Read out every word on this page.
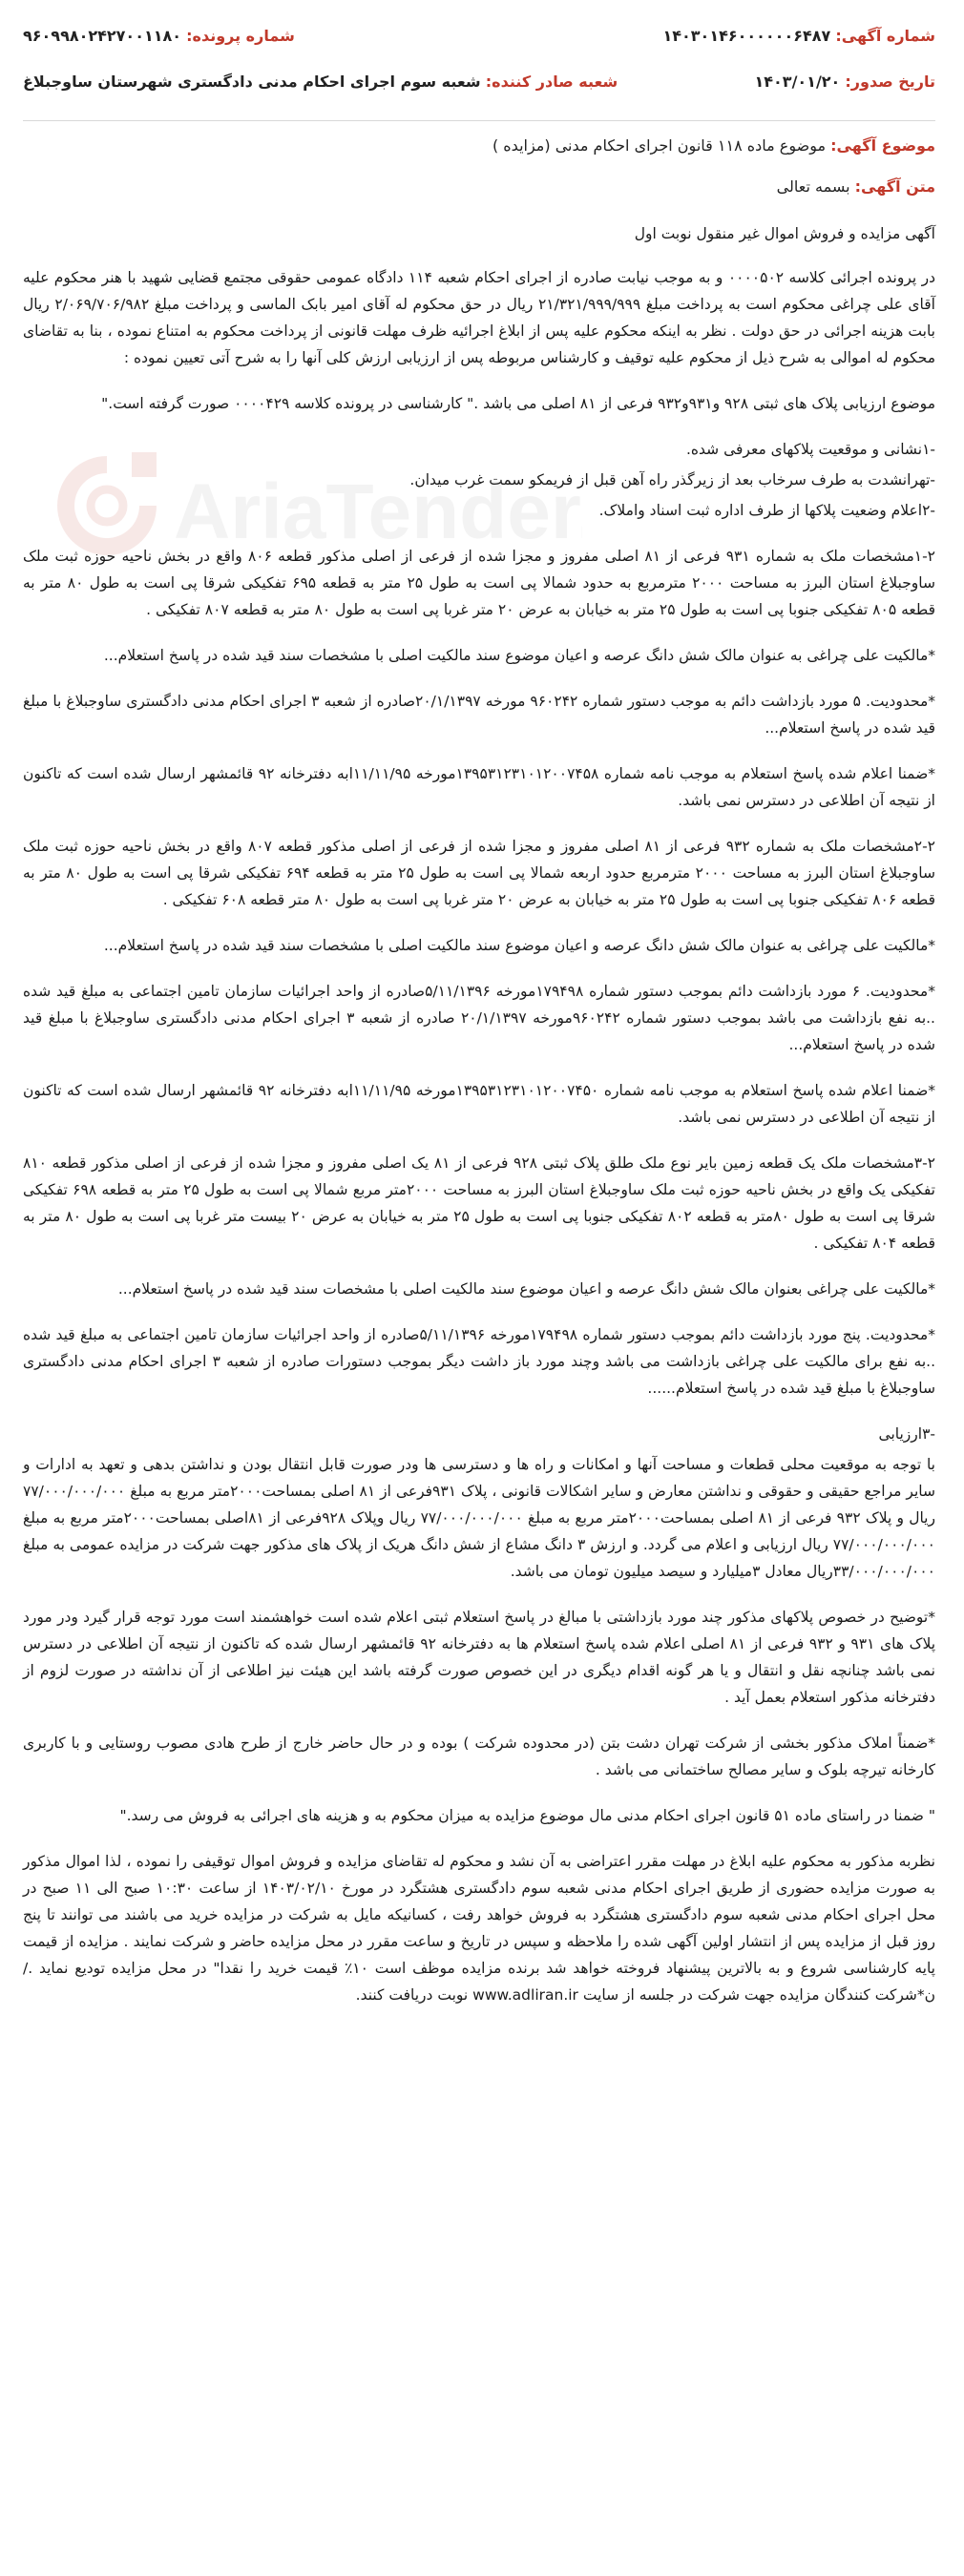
AriaTender
شماره آگهی: ۱۴۰۳۰۱۴۶۰۰۰۰۰۰۶۴۸۷
شماره پرونده: ۹۶۰۹۹۸۰۲۴۲۷۰۰۱۱۸۰
تاریخ صدور: ۱۴۰۳/۰۱/۲۰
شعبه صادر کننده: شعبه سوم اجرای احکام مدنی دادگستری شهرستان ساوجبلاغ
موضوع آگهی: موضوع ماده ۱۱۸ قانون اجرای احکام مدنی (مزایده )
متن آگهی: بسمه تعالی

آگهی مزایده و فروش اموال غیر منقول نوبت اول

در پرونده اجرائی کلاسه ۰۰۰۰۵۰۲ و به موجب نیابت صادره از اجرای احکام شعبه ۱۱۴ دادگاه عمومی حقوقی مجتمع قضایی شهید با هنر محکوم علیه آقای علی چراغی محکوم است به پرداخت مبلغ ۲۱/۳۲۱/۹۹۹/۹۹۹ ریال در حق محکوم له آقای امیر بابک الماسی و پرداخت مبلغ ۲/۰۶۹/۷۰۶/۹۸۲ ریال بابت هزینه اجرائی در حق دولت . نظر به اینکه محکوم علیه پس از ابلاغ اجرائیه ظرف مهلت قانونی از پرداخت محکوم به امتناع نموده ، بنا به تقاضای محکوم له اموالی به شرح ذیل از محکوم علیه توقیف و کارشناس مربوطه پس از ارزیابی ارزش کلی آنها را به شرح آتی تعیین نموده :

موضوع ارزیابی پلاک های ثبتی ۹۲۸ و۹۳۱و۹۳۲ فرعی از ۸۱ اصلی می باشد ." کارشناسی در پرونده کلاسه ۰۰۰۰۴۲۹ صورت گرفته است."

-۱نشانی و موقعیت پلاکهای معرفی شده.

-تهرانشدت به طرف سرخاب بعد از زیرگذر راه آهن قبل از فریمکو سمت غرب میدان.

-۲اعلام وضعیت پلاکها از طرف اداره ثبت اسناد واملاک.

۱-۲مشخصات ملک به شماره ۹۳۱ فرعی از ۸۱ اصلی مفروز و مجزا شده از فرعی از اصلی مذکور قطعه ۸۰۶ واقع در بخش ناحیه حوزه ثبت ملک ساوجبلاغ استان البرز به مساحت ۲۰۰۰ مترمربع به حدود شمالا پی است به طول ۲۵ متر به قطعه ۶۹۵ تفکیکی شرقا پی است به طول ۸۰ متر به قطعه ۸۰۵ تفکیکی جنوبا پی است به طول ۲۵ متر به خیابان به عرض ۲۰ متر غربا پی است به طول ۸۰ متر به قطعه ۸۰۷ تفکیکی .

*مالکیت علی چراغی به عنوان مالک شش دانگ عرصه و اعیان موضوع سند مالکیت اصلی با مشخصات سند قید شده در پاسخ استعلام...

*محدودیت. ۵ مورد بازداشت دائم به موجب دستور شماره ۹۶۰۲۴۲ مورخه ۲۰/۱/۱۳۹۷صادره از شعبه ۳ اجرای احکام مدنی دادگستری ساوجبلاغ با مبلغ قید شده در پاسخ استعلام...

*ضمنا اعلام شده پاسخ استعلام به موجب نامه شماره ۱۳۹۵۳۱۲۳۱۰۱۲۰۰۷۴۵۸مورخه ۱۱/۱۱/۹۵ابه دفترخانه ۹۲ قائمشهر ارسال شده است که تاکنون از نتیجه آن اطلاعی در دسترس نمی باشد.

۲-۲مشخصات ملک به شماره ۹۳۲ فرعی از ۸۱ اصلی مفروز و مجزا شده از فرعی از اصلی مذکور قطعه ۸۰۷ واقع در بخش ناحیه حوزه ثبت ملک ساوجبلاغ استان البرز به مساحت ۲۰۰۰ مترمربع حدود اربعه شمالا پی است به طول ۲۵ متر به قطعه ۶۹۴ تفکیکی شرقا پی است به طول ۸۰ متر به قطعه ۸۰۶ تفکیکی جنوبا پی است به طول ۲۵ متر به خیابان به عرض ۲۰ متر غربا پی است به طول ۸۰ متر قطعه ۶۰۸ تفکیکی .

*مالکیت علی چراغی به عنوان مالک شش دانگ عرصه و اعیان موضوع سند مالکیت اصلی با مشخصات سند قید شده در پاسخ استعلام...

*محدودیت. ۶ مورد بازداشت دائم بموجب دستور شماره ۱۷۹۴۹۸مورخه ۵/۱۱/۱۳۹۶صادره از واحد اجرائیات سازمان تامین اجتماعی به مبلغ قید شده ..به نفع بازداشت می باشد بموجب دستور شماره ۹۶۰۲۴۲مورخه ۲۰/۱/۱۳۹۷ صادره از شعبه ۳ اجرای احکام مدنی دادگستری ساوجبلاغ با مبلغ قید شده در پاسخ استعلام...

*ضمنا اعلام شده پاسخ استعلام به موجب نامه شماره ۱۳۹۵۳۱۲۳۱۰۱۲۰۰۷۴۵۰مورخه ۱۱/۱۱/۹۵ابه دفترخانه ۹۲ قائمشهر ارسال شده است که تاکنون از نتیجه آن اطلاعی در دسترس نمی باشد.

۳-۲مشخصات ملک یک قطعه زمین بایر نوع ملک طلق پلاک ثبتی ۹۲۸ فرعی از ۸۱ یک اصلی مفروز و مجزا شده از فرعی از اصلی مذکور قطعه ۸۱۰ تفکیکی یک واقع در بخش ناحیه حوزه ثبت ملک ساوجبلاغ استان البرز به مساحت ۲۰۰۰متر مربع شمالا پی است به طول ۲۵ متر به قطعه ۶۹۸ تفکیکی شرقا پی است به طول ۸۰متر به قطعه ۸۰۲ تفکیکی جنوبا پی است به طول ۲۵ متر به خیابان به عرض ۲۰ بیست متر غربا پی است به طول ۸۰ متر به قطعه ۸۰۴ تفکیکی .

*مالکیت علی چراغی بعنوان مالک شش دانگ عرصه و اعیان موضوع سند مالکیت اصلی با مشخصات سند قید شده در پاسخ استعلام...

*محدودیت. پنج مورد بازداشت دائم بموجب دستور شماره ۱۷۹۴۹۸مورخه ۵/۱۱/۱۳۹۶صادره از واحد اجرائیات سازمان تامین اجتماعی به مبلغ قید شده ..به نفع برای مالکیت علی چراغی بازداشت می باشد وچند مورد باز داشت دیگر بموجب دستورات صادره از شعبه ۳ اجرای احکام مدنی دادگستری ساوجبلاغ با مبلغ قید شده در پاسخ استعلام......

-۳ارزیابی

با توجه به موقعیت محلی قطعات و مساحت آنها و امکانات و راه ها و دسترسی ها ودر صورت قابل انتقال بودن و نداشتن بدهی و تعهد به ادارات و سایر مراجع حقیقی و حقوقی و نداشتن معارض و سایر اشکالات قانونی ، پلاک ۹۳۱فرعی از ۸۱ اصلی بمساحت۲۰۰۰متر مربع به مبلغ ۷۷/۰۰۰/۰۰۰/۰۰۰ ریال و پلاک ۹۳۲ فرعی از ۸۱ اصلی بمساحت۲۰۰۰متر مربع به مبلغ ۷۷/۰۰۰/۰۰۰/۰۰۰ ریال وپلاک ۹۲۸فرعی از ۸۱اصلی بمساحت۲۰۰۰متر مربع به مبلغ ۷۷/۰۰۰/۰۰۰/۰۰۰ ریال ارزیابی و اعلام می گردد. و ارزش ۳ دانگ مشاع از شش دانگ هریک از پلاک های مذکور جهت شرکت در مزایده عمومی به مبلغ ۳۳/۰۰۰/۰۰۰/۰۰۰ریال معادل ۳میلیارد و سیصد میلیون تومان می باشد.

*توضیح در خصوص پلاکهای مذکور چند مورد بازداشتی با مبالغ در پاسخ استعلام ثبتی اعلام شده است خواهشمند است مورد توجه قرار گیرد ودر مورد پلاک های ۹۳۱ و ۹۳۲ فرعی از ۸۱ اصلی اعلام شده پاسخ استعلام ها به دفترخانه ۹۲ قائمشهر ارسال شده که تاکنون از نتیجه آن اطلاعی در دسترس نمی باشد چنانچه نقل و انتقال و یا هر گونه اقدام دیگری در این خصوص صورت گرفته باشد این هیئت نیز اطلاعی از آن نداشته در صورت لزوم از دفترخانه مذکور استعلام بعمل آید .

*ضمناً املاک مذکور بخشی از شرکت تهران دشت بتن (در محدوده شرکت ) بوده و در حال حاضر خارج از طرح هادی مصوب روستایی و با کاربری کارخانه تیرچه بلوک و سایر مصالح ساختمانی می باشد .

" ضمنا در راستای ماده ۵۱ قانون اجرای احکام مدنی مال موضوع مزایده به میزان محکوم به و هزینه های اجرائی به فروش می رسد."

نظربه مذکور به محکوم علیه ابلاغ در مهلت مقرر اعتراضی به آن نشد و محکوم له تقاضای مزایده و فروش اموال توقیفی را نموده ، لذا اموال مذکور به صورت مزایده حضوری از طریق اجرای احکام مدنی شعبه سوم دادگستری هشتگرد در مورخ ۱۴۰۳/۰۲/۱۰ از ساعت ۱۰:۳۰ صبح الی ۱۱ صبح در محل اجرای احکام مدنی شعبه سوم دادگستری هشتگرد به فروش خواهد رفت ، کسانیکه مایل به شرکت در مزایده خرید می باشند می توانند تا پنج روز قبل از مزایده پس از انتشار اولین آگهی شده را ملاحظه و سپس در تاریخ و ساعت مقرر در محل مزایده حاضر و شرکت نمایند . مزایده از قیمت پایه کارشناسی شروع و به بالاترین پیشنهاد فروخته خواهد شد برنده مزایده موظف است ۱۰٪ قیمت خرید را نقدا" در محل مزایده تودیع نماید ./ن*شرکت کنندگان مزایده جهت شرکت در جلسه از سایت www.adliran.ir نوبت دریافت کنند.
